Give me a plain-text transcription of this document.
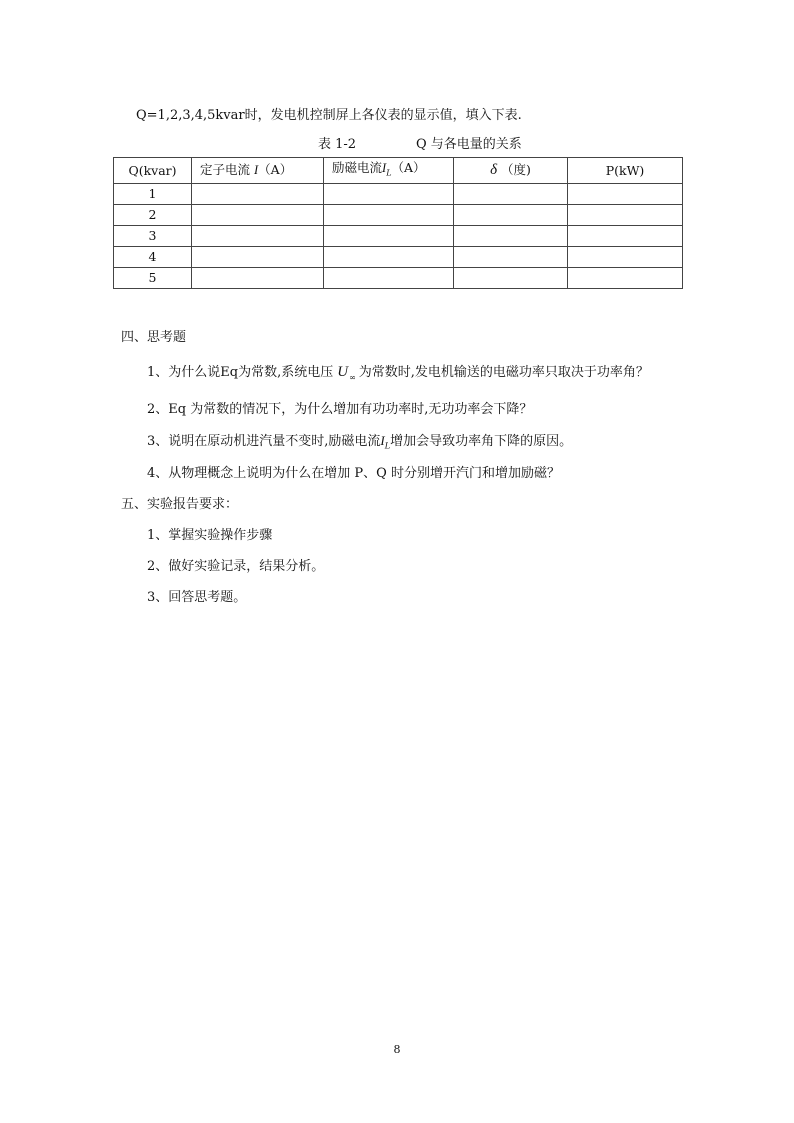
Q=1,2,3,4,5kvar时，发电机控制屏上各仪表的显示值，填入下表.
表 1-2	Q 与各电量的关系
Q(kvar)	定子电流 I（A）	励磁电流$I_L(A)$	δ （度)	P(kW)
1				
2				
3				
4				
5				
四、思考题
1、为什么说Eq为常数,系统电压 $U_\infty$ 为常数时,发电机输送的电磁功率只取决于功率角？
2、Eq 为常数的情况下，为什么增加有功功率时,无功功率会下降？
3、说明在原动机进汽量不变时,励磁电流$I_L$增加会导致功率角下降的原因。
4、从物理概念上说明为什么在增加 P、Q 时分别增开汽门和增加励磁？
五、实验报告要求：
1、掌握实验操作步骤
2、做好实验记录，结果分析。
3、回答思考题。
8
